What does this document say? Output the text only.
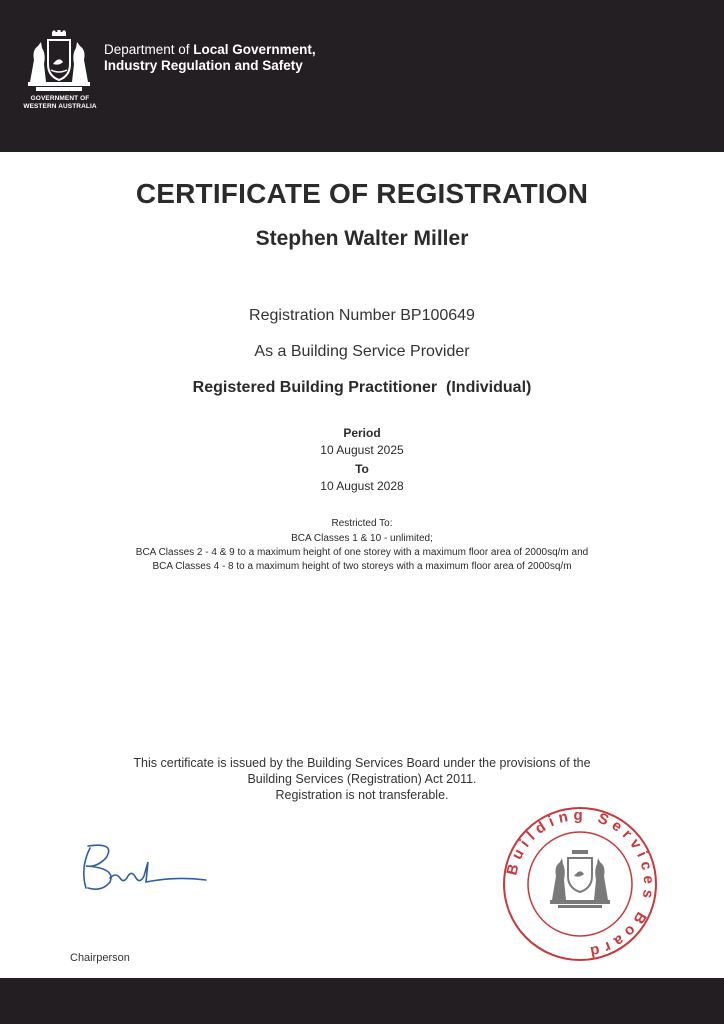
GOVERNMENT OF
WESTERN AUSTRALIA
Department of Local Government,
Industry Regulation and Safety
CERTIFICATE OF REGISTRATION
Stephen Walter Miller
Registration Number BP100649
As a Building Service Provider
Registered Building Practitioner  (Individual)
Period
10 August 2025
To
10 August 2028
Restricted To:
BCA Classes 1 & 10 - unlimited;
BCA Classes 2 - 4 & 9 to a maximum height of one storey with a maximum floor area of 2000sq/m and
BCA Classes 4 - 8 to a maximum height of two storeys with a maximum floor area of 2000sq/m
This certificate is issued by the Building Services Board under the provisions of the
Building Services (Registration) Act 2011.
Registration is not transferable.
Chairperson
Building Services Board
